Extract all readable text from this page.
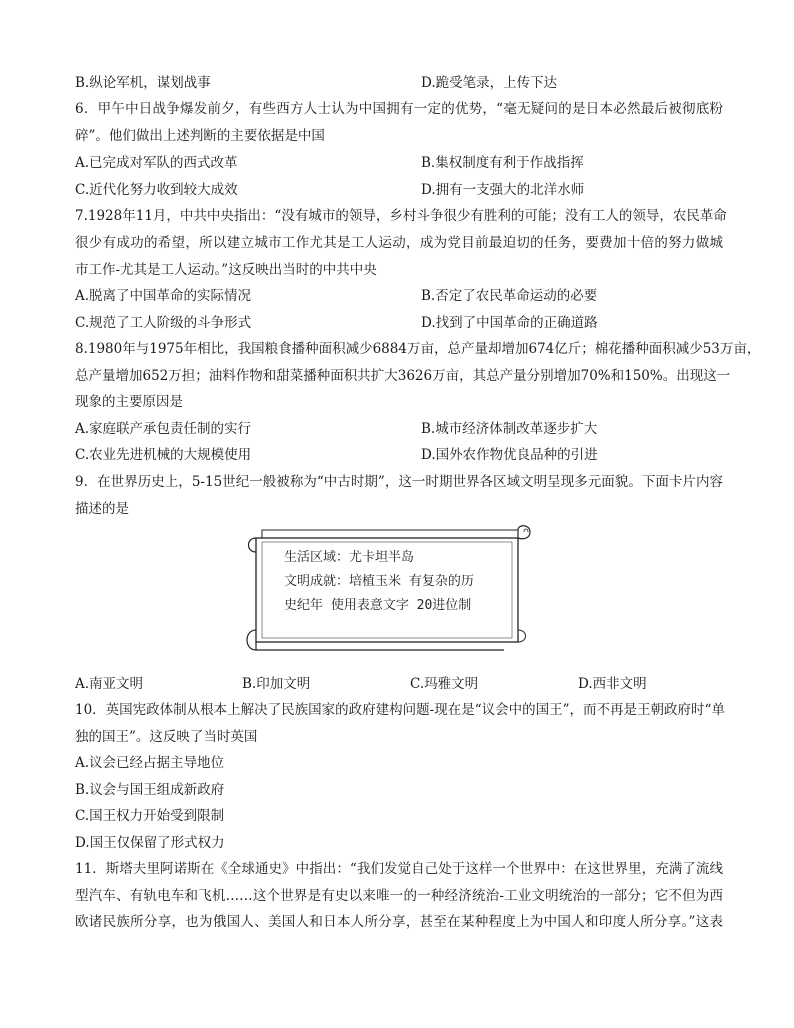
B.纵论军机，谋划战事	D.跪受笔录，上传下达
6．甲午中日战争爆发前夕，有些西方人士认为中国拥有一定的优势，“毫无疑问的是日本必然最后被彻底粉
碎”。他们做出上述判断的主要依据是中国
A.已完成对军队的西式改革	B.集权制度有利于作战指挥
C.近代化努力收到较大成效	D.拥有一支强大的北洋水师
7.1928年11月，中共中央指出：“没有城市的领导，乡村斗争很少有胜利的可能；没有工人的领导，农民革命
很少有成功的希望，所以建立城市工作尤其是工人运动，成为党目前最迫切的任务，要费加十倍的努力做城
市工作-尤其是工人运动。”这反映出当时的中共中央
A.脱离了中国革命的实际情况	B.否定了农民革命运动的必要
C.规范了工人阶级的斗争形式	D.找到了中国革命的正确道路
8.1980年与1975年相比，我国粮食播种面积减少6884万亩，总产量却增加674亿斤；棉花播种面积减少53万亩，
总产量增加652万担；油料作物和甜菜播种面积共扩大3626万亩，其总产量分别增加70%和150%。出现这一
现象的主要原因是
A.家庭联产承包责任制的实行	B.城市经济体制改革逐步扩大
C.农业先进机械的大规模使用	D.国外农作物优良品种的引进
9．在世界历史上，5-15世纪一般被称为“中古时期”，这一时期世界各区域文明呈现多元面貌。下面卡片内容
描述的是
生活区域：尤卡坦半岛
文明成就：培植玉米 有复杂的历
史纪年 使用表意文字 20进位制
A.南亚文明	B.印加文明	C.玛雅文明	D.西非文明
10．英国宪政体制从根本上解决了民族国家的政府建构问题-现在是“议会中的国王”，而不再是王朝政府时“单
独的国王”。这反映了当时英国
A.议会已经占据主导地位
B.议会与国王组成新政府
C.国王权力开始受到限制
D.国王仅保留了形式权力
11．斯塔夫里阿诺斯在《全球通史》中指出：“我们发觉自己处于这样一个世界中：在这世界里，充满了流线
型汽车、有轨电车和飞机……这个世界是有史以来唯一的一种经济统治-工业文明统治的一部分；它不但为西
欧诸民族所分享，也为俄国人、美国人和日本人所分享，甚至在某种程度上为中国人和印度人所分享。”这表
